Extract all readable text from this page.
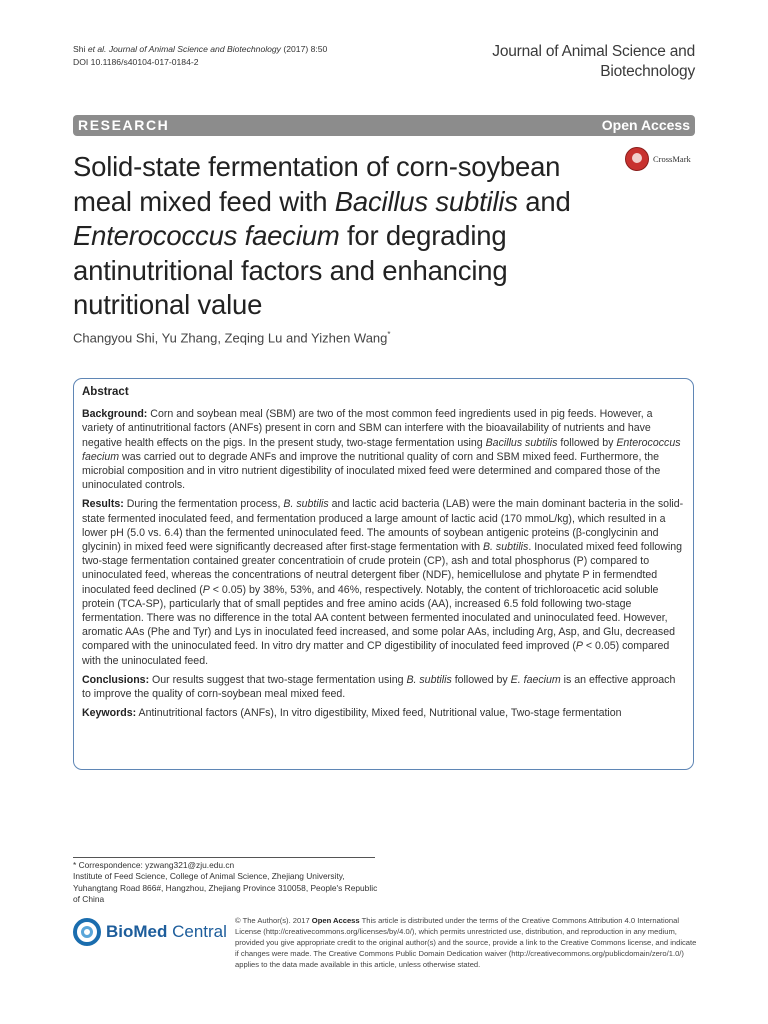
Shi et al. Journal of Animal Science and Biotechnology (2017) 8:50
DOI 10.1186/s40104-017-0184-2
Journal of Animal Science and
Biotechnology
RESEARCH	Open Access
Solid-state fermentation of corn-soybean meal mixed feed with Bacillus subtilis and Enterococcus faecium for degrading antinutritional factors and enhancing nutritional value
CrossMark
Changyou Shi, Yu Zhang, Zeqing Lu and Yizhen Wang*
Abstract

Background: Corn and soybean meal (SBM) are two of the most common feed ingredients used in pig feeds. However, a variety of antinutritional factors (ANFs) present in corn and SBM can interfere with the bioavailability of nutrients and have negative health effects on the pigs. In the present study, two-stage fermentation using Bacillus subtilis followed by Enterococcus faecium was carried out to degrade ANFs and improve the nutritional quality of corn and SBM mixed feed. Furthermore, the microbial composition and in vitro nutrient digestibility of inoculated mixed feed were determined and compared those of the uninoculated controls.

Results: During the fermentation process, B. subtilis and lactic acid bacteria (LAB) were the main dominant bacteria in the solid-state fermented inoculated feed, and fermentation produced a large amount of lactic acid (170 mmoL/kg), which resulted in a lower pH (5.0 vs. 6.4) than the fermented uninoculated feed. The amounts of soybean antigenic proteins (β-conglycinin and glycinin) in mixed feed were significantly decreased after first-stage fermentation with B. subtilis. Inoculated mixed feed following two-stage fermentation contained greater concentratioin of crude protein (CP), ash and total phosphorus (P) compared to uninoculated feed, whereas the concentrations of neutral detergent fiber (NDF), hemicellulose and phytate P in fermendted inoculated feed declined (P < 0.05) by 38%, 53%, and 46%, respectively. Notably, the content of trichloroacetic acid soluble protein (TCA-SP), particularly that of small peptides and free amino acids (AA), increased 6.5 fold following two-stage fermentation. There was no difference in the total AA content between fermented inoculated and uninoculated feed. However, aromatic AAs (Phe and Tyr) and Lys in inoculated feed increased, and some polar AAs, including Arg, Asp, and Glu, decreased compared with the uninoculated feed. In vitro dry matter and CP digestibility of inoculated feed improved (P < 0.05) compared with the uninoculated feed.

Conclusions: Our results suggest that two-stage fermentation using B. subtilis followed by E. faecium is an effective approach to improve the quality of corn-soybean meal mixed feed.

Keywords: Antinutritional factors (ANFs), In vitro digestibility, Mixed feed, Nutritional value, Two-stage fermentation

* Correspondence: yzwang321@zju.edu.cn

Institute of Feed Science, College of Animal Science, Zhejiang University, Yuhangtang Road 866#, Hangzhou, Zhejiang Province 310058, People's Republic of China

BioMed Central
© The Author(s). 2017 Open Access This article is distributed under the terms of the Creative Commons Attribution 4.0 International License (http://creativecommons.org/licenses/by/4.0/), which permits unrestricted use, distribution, and reproduction in any medium, provided you give appropriate credit to the original author(s) and the source, provide a link to the Creative Commons license, and indicate if changes were made. The Creative Commons Public Domain Dedication waiver (http://creativecommons.org/publicdomain/zero/1.0/) applies to the data made available in this article, unless otherwise stated.
